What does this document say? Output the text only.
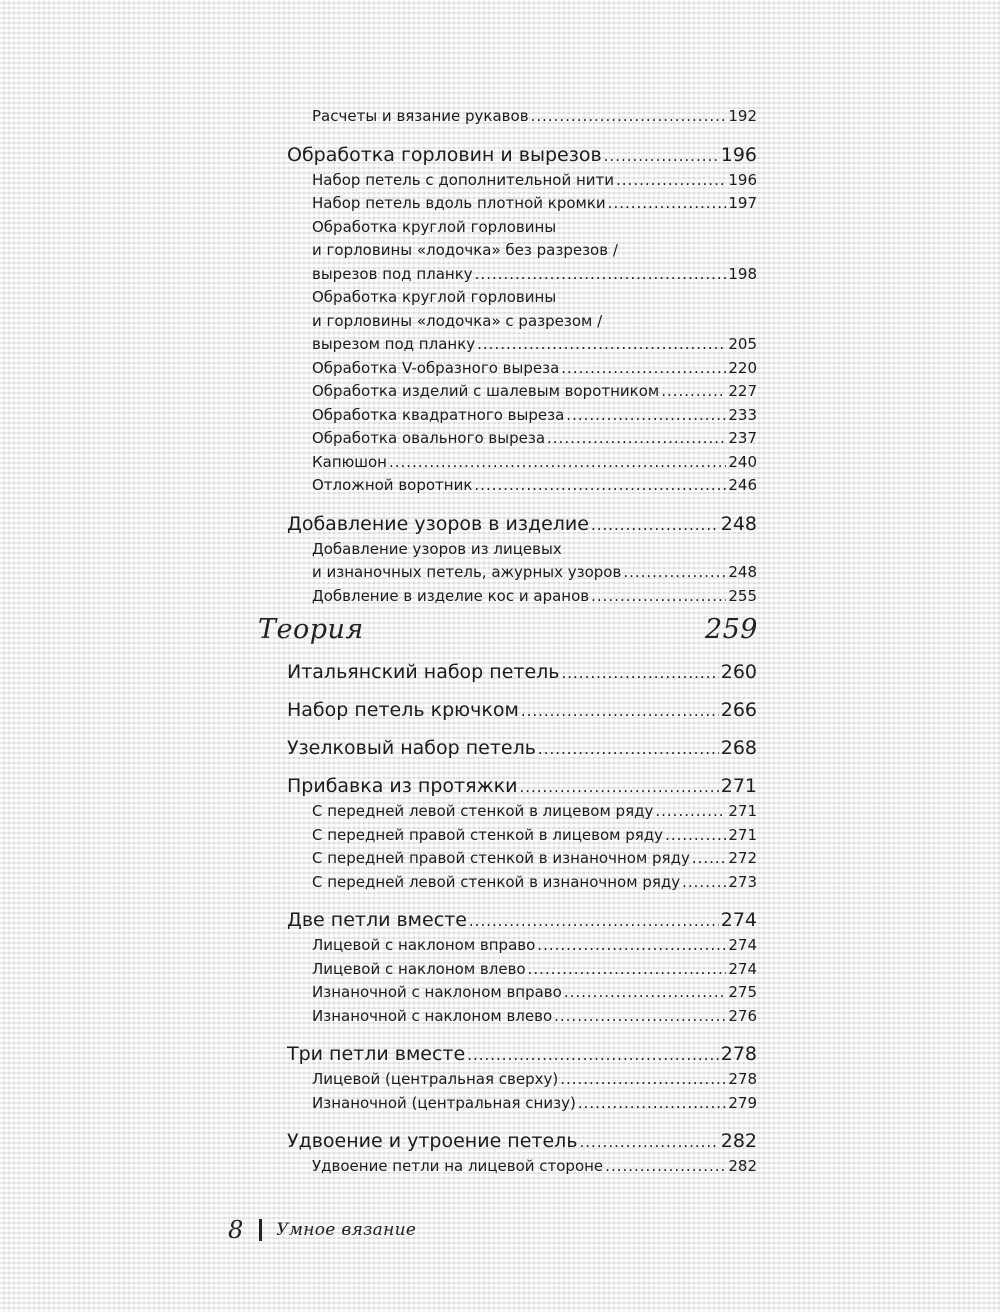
Расчеты и вязание рукавов .....	192
Обработка горловин и вырезов .....	196
Набор петель с дополнительной нити .....	196
Набор петель вдоль плотной кромки .....	197
Обработка круглой горловины
и горловины «лодочка» без разрезов /
вырезов под планку .....	198
Обработка круглой горловины
и горловины «лодочка» с разрезом /
вырезом под планку .....	205
Обработка V-образного выреза .....	220
Обработка изделий с шалевым воротником .....	227
Обработка квадратного выреза .....	233
Обработка овального выреза .....	237
Капюшон .....	240
Отложной воротник .....	246
Добавление узоров в изделие .....	248
Добавление узоров из лицевых
и изнаночных петель, ажурных узоров .....	248
Добвление в изделие кос и аранов .....	255
Теория	259
Итальянский набор петель .....	260
Набор петель крючком .....	266
Узелковый набор петель .....	268
Прибавка из протяжки .....	271
С передней левой стенкой в лицевом ряду .....	271
С передней правой стенкой в лицевом ряду .....	271
С передней правой стенкой в изнаночном ряду .....	272
С передней левой стенкой в изнаночном ряду .....	273
Две петли вместе .....	274
Лицевой с наклоном вправо .....	274
Лицевой с наклоном влево .....	274
Изнаночной с наклоном вправо .....	275
Изнаночной с наклоном влево .....	276
Три петли вместе .....	278
Лицевой (центральная сверху) .....	278
Изнаночной (центральная снизу) .....	279
Удвоение и утроение петель .....	282
Удвоение петли на лицевой стороне .....	282
8 Умное вязание
